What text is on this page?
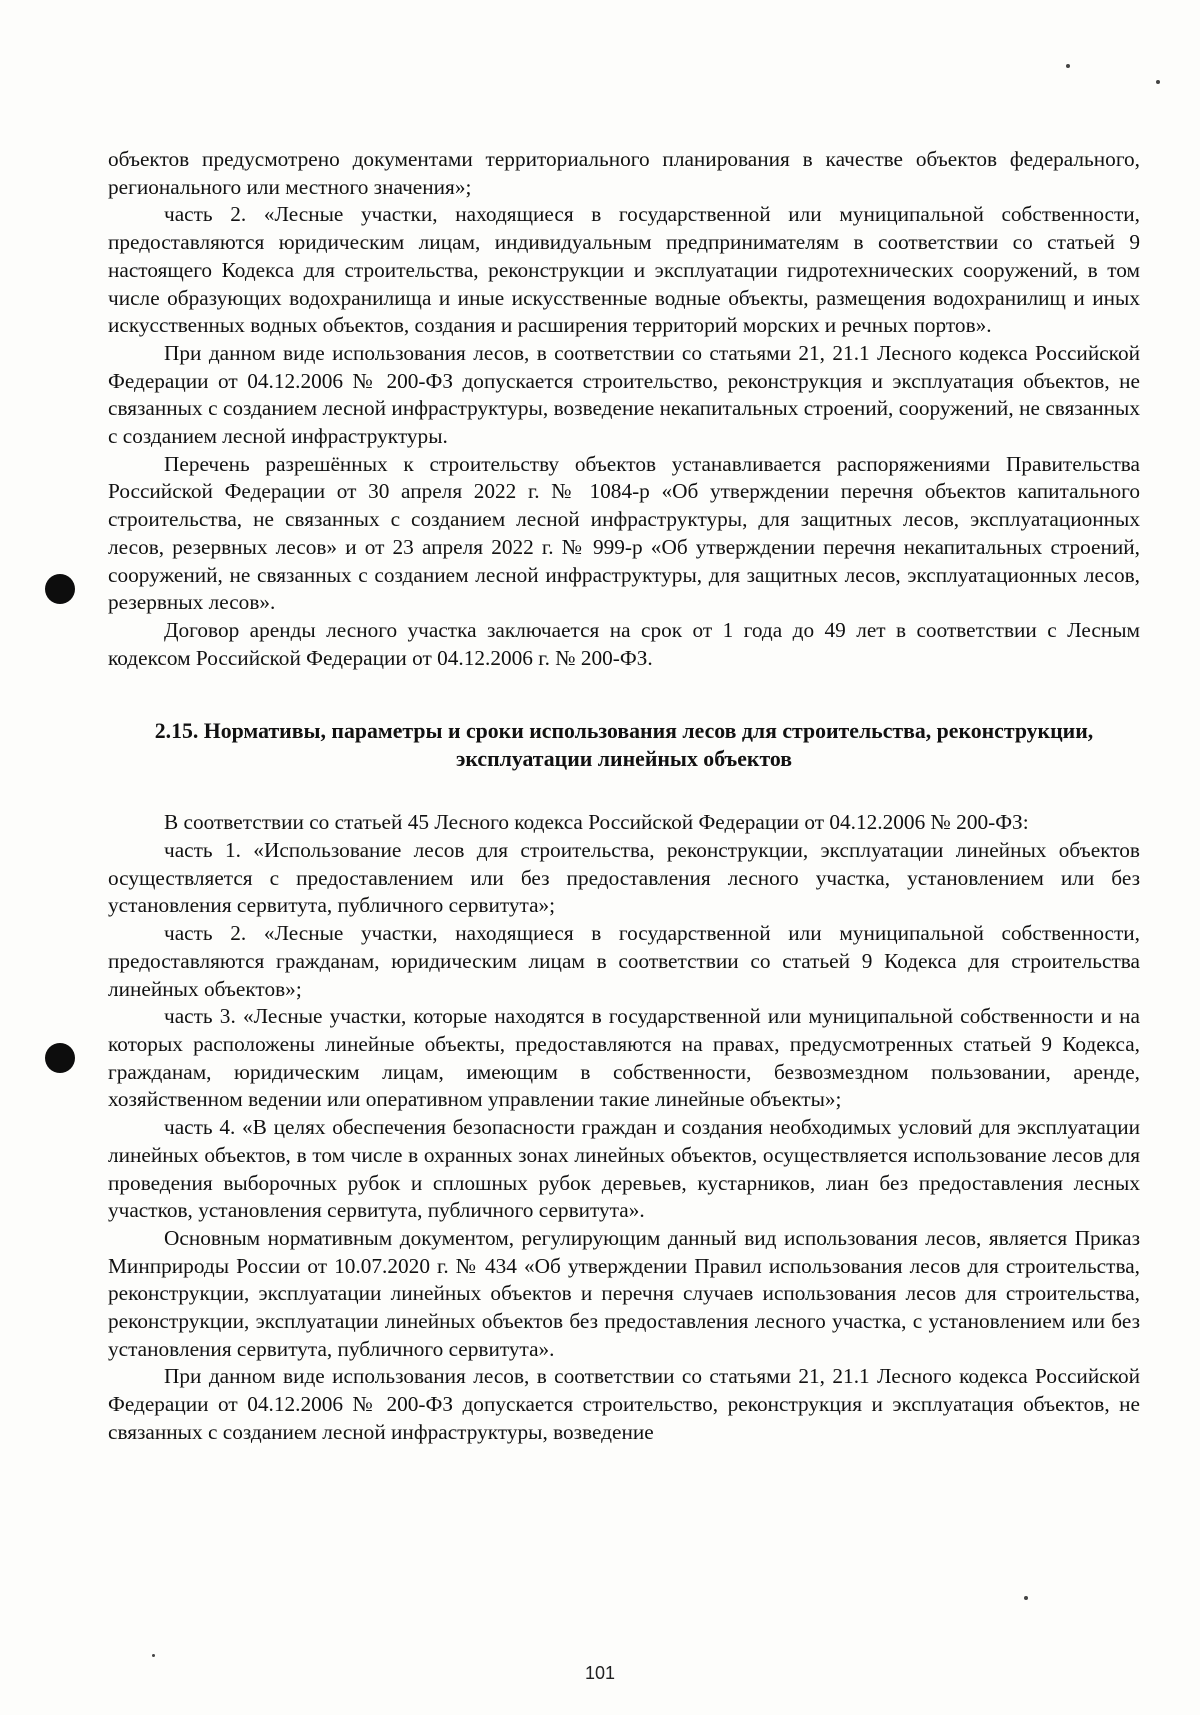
объектов предусмотрено документами территориального планирования в качестве объектов федерального, регионального или местного значения»;

часть 2. «Лесные участки, находящиеся в государственной или муниципальной собственности, предоставляются юридическим лицам, индивидуальным предпринимателям в соответствии со статьей 9 настоящего Кодекса для строительства, реконструкции и эксплуатации гидротехнических сооружений, в том числе образующих водохранилища и иные искусственные водные объекты, размещения водохранилищ и иных искусственных водных объектов, создания и расширения территорий морских и речных портов».

При данном виде использования лесов, в соответствии со статьями 21, 21.1 Лесного кодекса Российской Федерации от 04.12.2006 № 200-ФЗ допускается строительство, реконструкция и эксплуатация объектов, не связанных с созданием лесной инфраструктуры, возведение некапитальных строений, сооружений, не связанных с созданием лесной инфраструктуры.

Перечень разрешённых к строительству объектов устанавливается распоряжениями Правительства Российской Федерации от 30 апреля 2022 г. № 1084-р «Об утверждении перечня объектов капитального строительства, не связанных с созданием лесной инфраструктуры, для защитных лесов, эксплуатационных лесов, резервных лесов» и от 23 апреля 2022 г. № 999-р «Об утверждении перечня некапитальных строений, сооружений, не связанных с созданием лесной инфраструктуры, для защитных лесов, эксплуатационных лесов, резервных лесов».

Договор аренды лесного участка заключается на срок от 1 года до 49 лет в соответствии с Лесным кодексом Российской Федерации от 04.12.2006 г. № 200-ФЗ.

2.15. Нормативы, параметры и сроки использования лесов для строительства, реконструкции, эксплуатации линейных объектов

В соответствии со статьей 45 Лесного кодекса Российской Федерации от 04.12.2006 № 200-ФЗ:

часть 1. «Использование лесов для строительства, реконструкции, эксплуатации линейных объектов осуществляется с предоставлением или без предоставления лесного участка, установлением или без установления сервитута, публичного сервитута»;

часть 2. «Лесные участки, находящиеся в государственной или муниципальной собственности, предоставляются гражданам, юридическим лицам в соответствии со статьей 9 Кодекса для строительства линейных объектов»;

часть 3. «Лесные участки, которые находятся в государственной или муниципальной собственности и на которых расположены линейные объекты, предоставляются на правах, предусмотренных статьей 9 Кодекса, гражданам, юридическим лицам, имеющим в собственности, безвозмездном пользовании, аренде, хозяйственном ведении или оперативном управлении такие линейные объекты»;

часть 4. «В целях обеспечения безопасности граждан и создания необходимых условий для эксплуатации линейных объектов, в том числе в охранных зонах линейных объектов, осуществляется использование лесов для проведения выборочных рубок и сплошных рубок деревьев, кустарников, лиан без предоставления лесных участков, установления сервитута, публичного сервитута».

Основным нормативным документом, регулирующим данный вид использования лесов, является Приказ Минприроды России от 10.07.2020 г. № 434 «Об утверждении Правил использования лесов для строительства, реконструкции, эксплуатации линейных объектов и перечня случаев использования лесов для строительства, реконструкции, эксплуатации линейных объектов без предоставления лесного участка, с установлением или без установления сервитута, публичного сервитута».

При данном виде использования лесов, в соответствии со статьями 21, 21.1 Лесного кодекса Российской Федерации от 04.12.2006 № 200-ФЗ допускается строительство, реконструкция и эксплуатация объектов, не связанных с созданием лесной инфраструктуры, возведение

101
